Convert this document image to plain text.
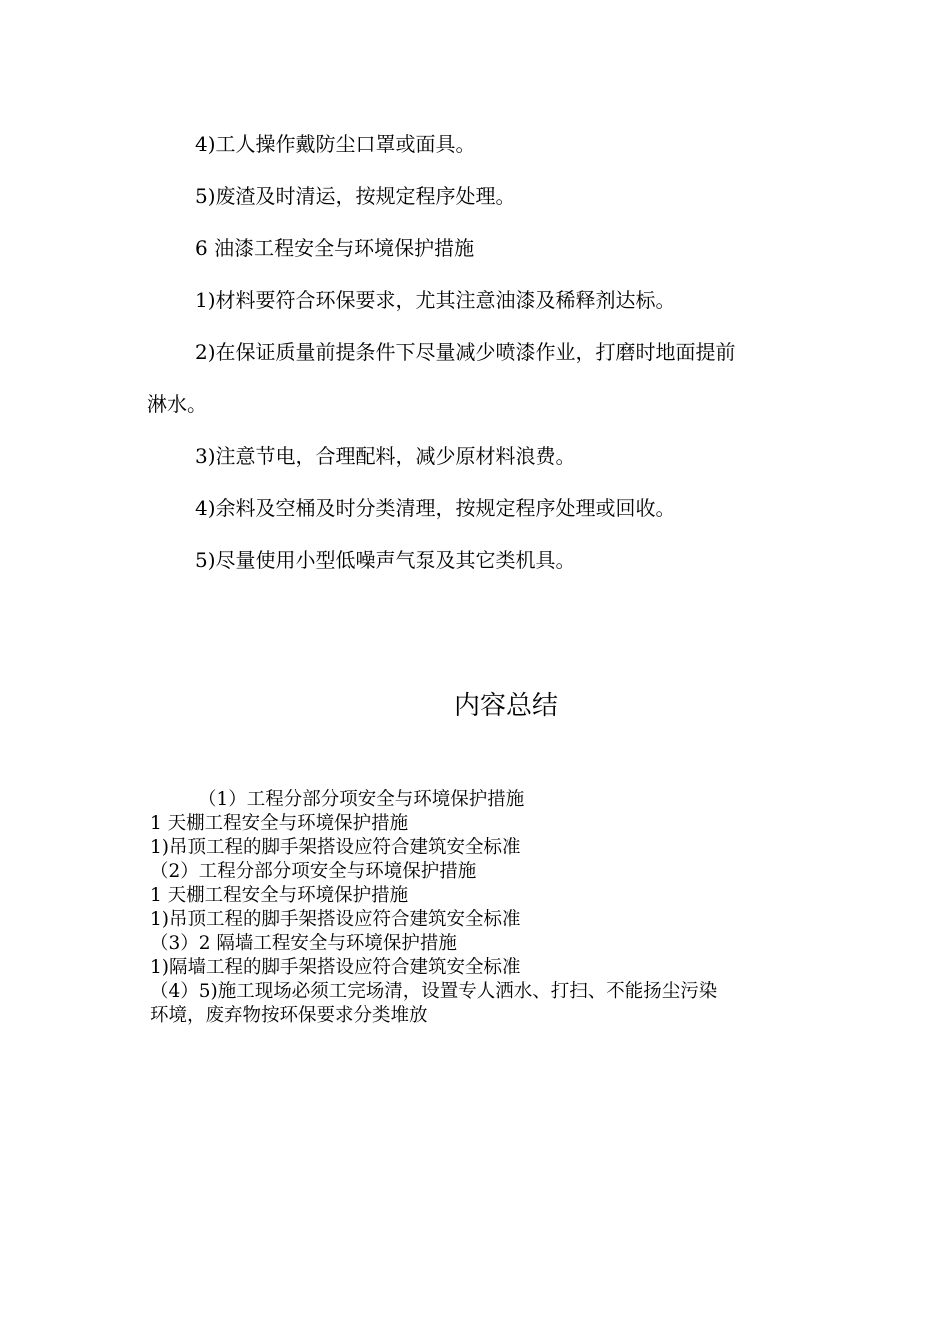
4)工人操作戴防尘口罩或面具。
5)废渣及时清运，按规定程序处理。
6 油漆工程安全与环境保护措施
1)材料要符合环保要求，尤其注意油漆及稀释剂达标。
2)在保证质量前提条件下尽量减少喷漆作业，打磨时地面提前
淋水。
3)注意节电，合理配料，减少原材料浪费。
4)余料及空桶及时分类清理，按规定程序处理或回收。
5)尽量使用小型低噪声气泵及其它类机具。
内容总结
（1）工程分部分项安全与环境保护措施
1 天棚工程安全与环境保护措施
1)吊顶工程的脚手架搭设应符合建筑安全标准
（2）工程分部分项安全与环境保护措施
1 天棚工程安全与环境保护措施
1)吊顶工程的脚手架搭设应符合建筑安全标准
（3）2 隔墙工程安全与环境保护措施
1)隔墙工程的脚手架搭设应符合建筑安全标准
（4）5)施工现场必须工完场清，设置专人洒水、打扫、不能扬尘污染
环境，废弃物按环保要求分类堆放
